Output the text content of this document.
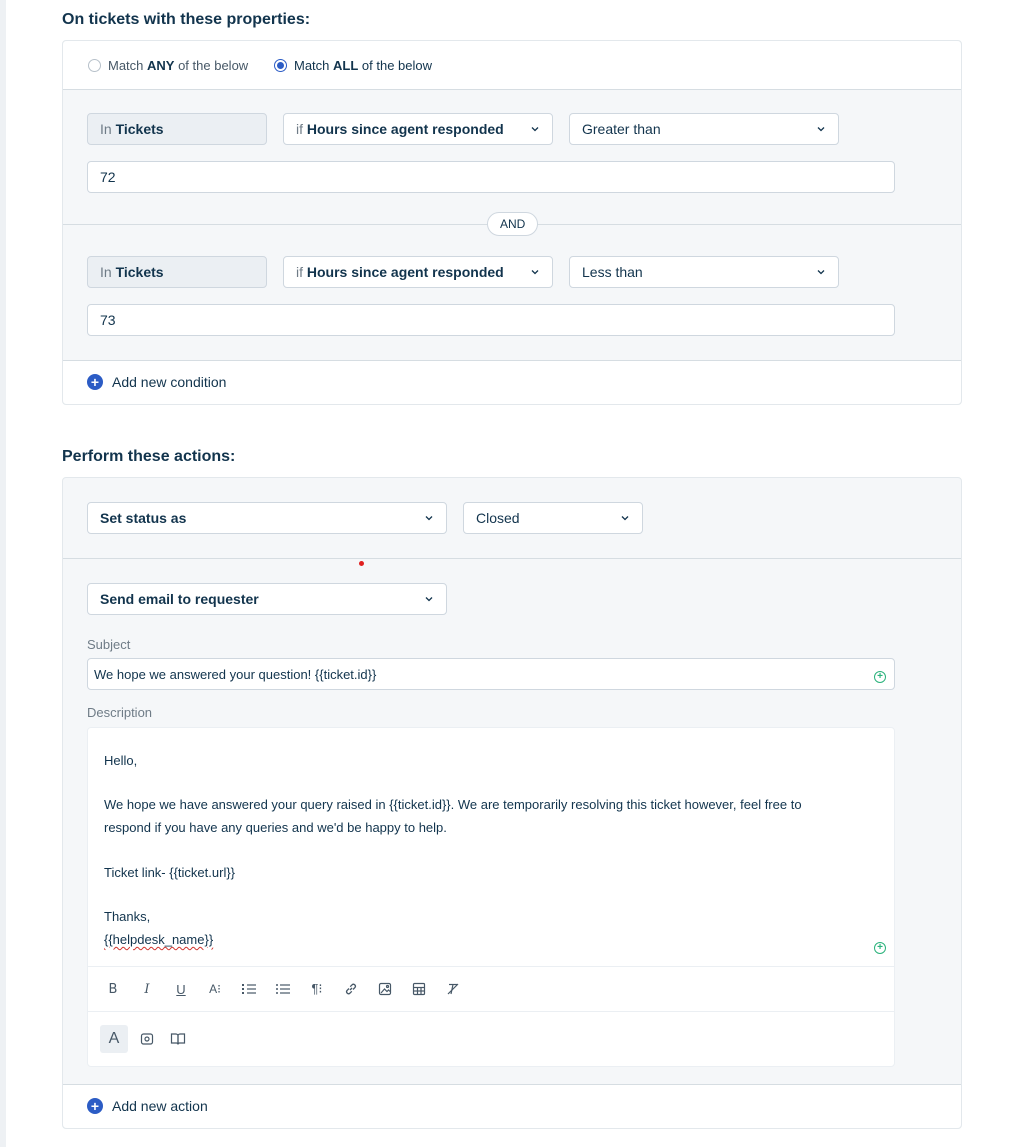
On tickets with these properties:
Match ANY of the below	Match ALL of the below
In
Tickets	if
Hours since agent responded	Greater than
72
AND
In
Tickets	if
Hours since agent responded	Less than
73
+ Add new condition
Perform these actions:
Set status as	Closed
Send email to requester
+ Add new action
Subject
We hope we answered your question! {{ticket.id}}	+
Description
Hello,
We hope we have answered your query raised in {{ticket.id}}. We are temporarily resolving this ticket however, feel free to
respond if you have any queries and we'd be happy to help.
Ticket link- {{ticket.url}}
Thanks,
{{helpdesk_name}}
+
B	I	U A⁝	¶⁝
A
